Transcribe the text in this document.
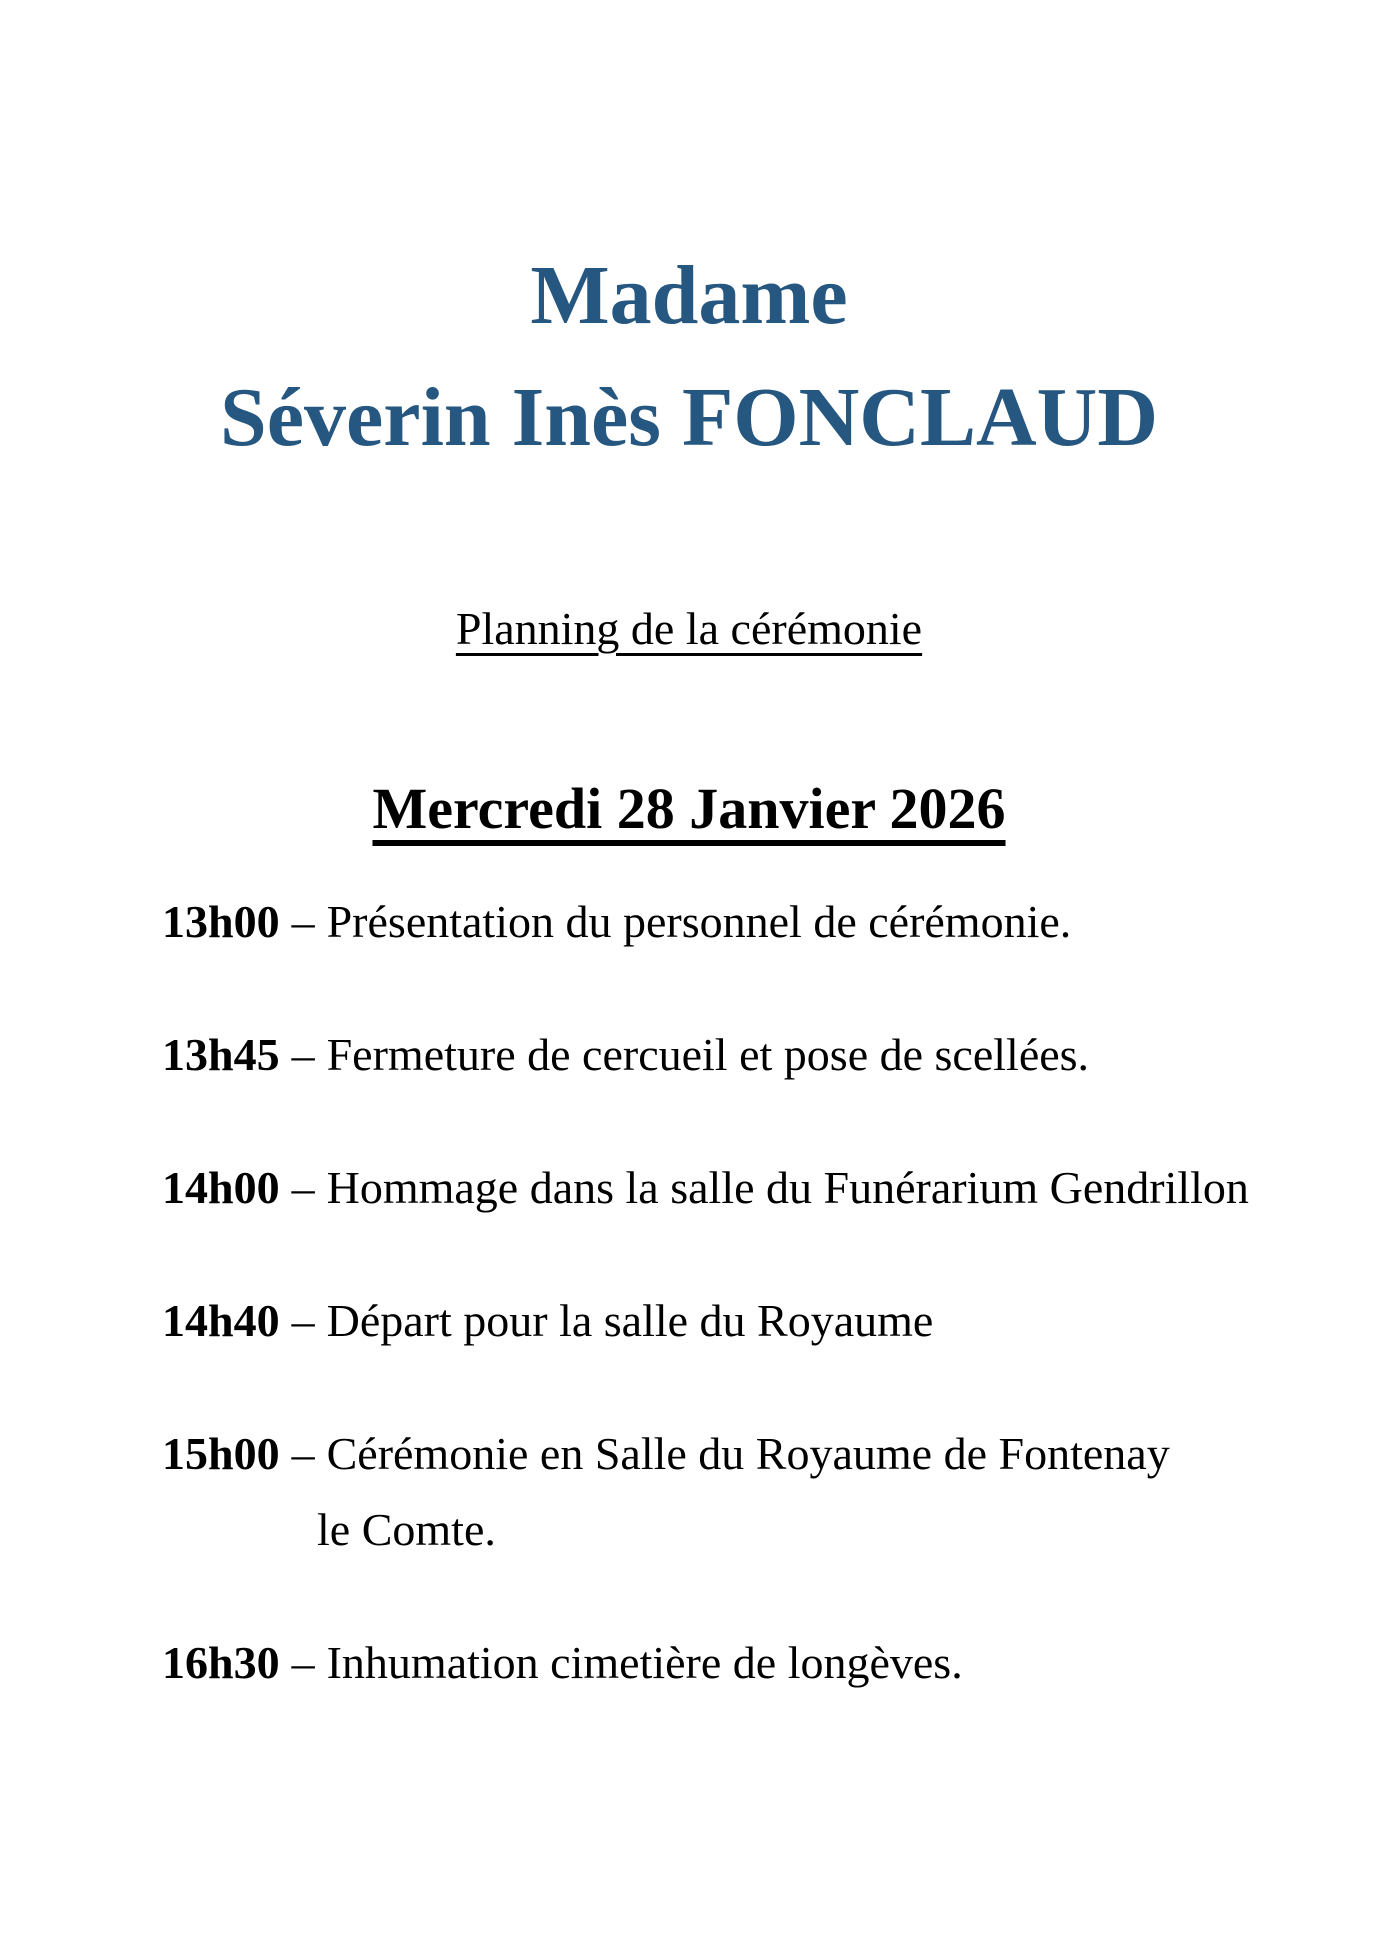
Madame
Séverin Inès FONCLAUD
Planning de la cérémonie
Mercredi 28 Janvier 2026

13h00 – Présentation du personnel de cérémonie.

13h45 – Fermeture de cercueil et pose de scellées.

14h00 – Hommage dans la salle du Funérarium Gendrillon

14h40 – Départ pour la salle du Royaume

15h00 – Cérémonie en Salle du Royaume de Fontenay

le Comte.

16h30 – Inhumation cimetière de longèves.
